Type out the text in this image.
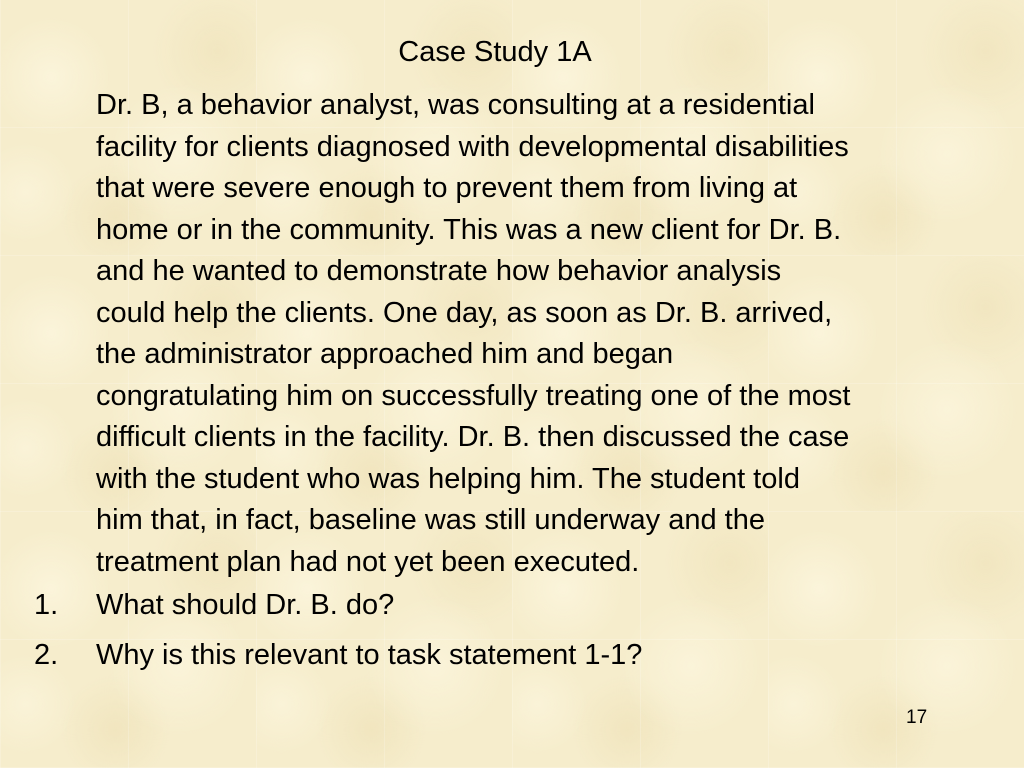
Case Study 1A

Dr. B, a behavior analyst, was consulting at a residential
facility for clients diagnosed with developmental disabilities
that were severe enough to prevent them from living at
home or in the community. This was a new client for Dr. B.
and he wanted to demonstrate how behavior analysis
could help the clients. One day, as soon as Dr. B. arrived,
the administrator approached him and began
congratulating him on successfully treating one of the most
difficult clients in the facility. Dr. B. then discussed the case
with the student who was helping him. The student told
him that, in fact, baseline was still underway and the
treatment plan had not yet been executed.

1. What should Dr. B. do?
2. Why is this relevant to task statement 1-1?
17
